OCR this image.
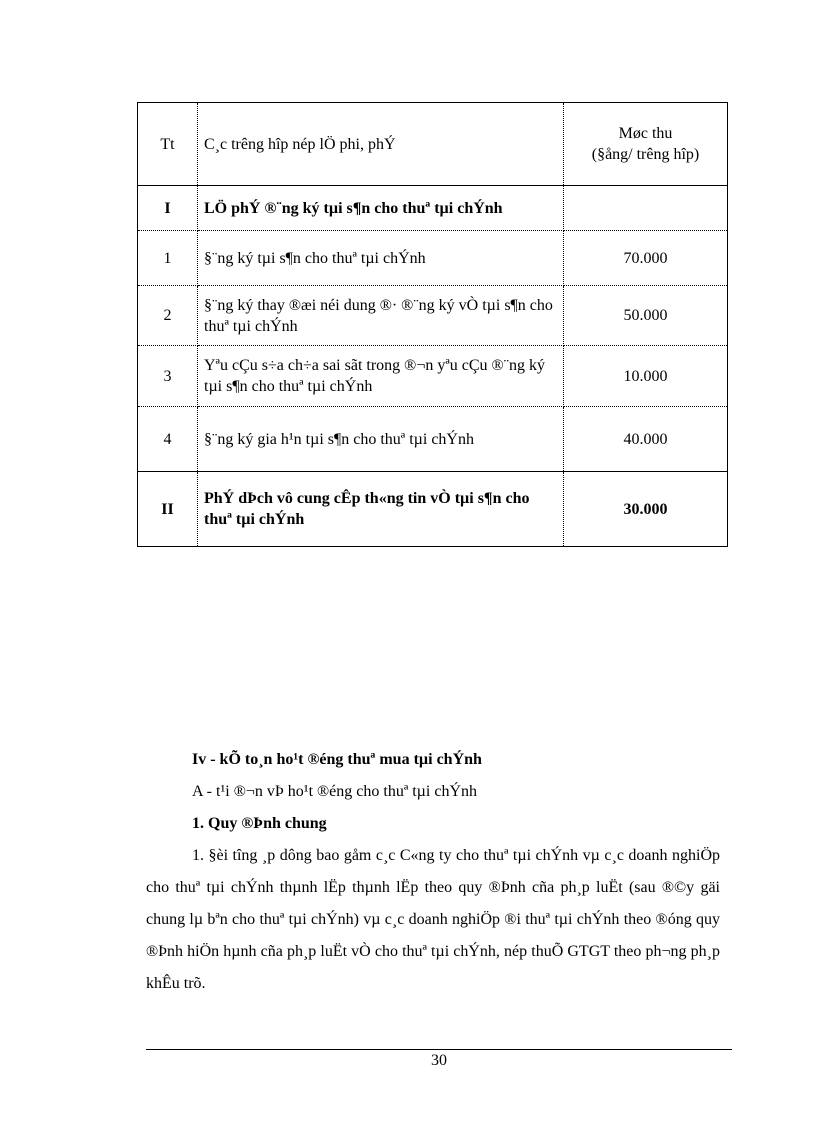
Tt	C¸c trêng hîp nép lÖ phi, phÝ	Møc thu
(§ång/ trêng hîp)

I	LÖ phÝ ®¨ng ký tµi s¶n cho thuª tµi chÝnh	
1	§¨ng ký tµi s¶n cho thuª tµi chÝnh	70.000
2	§¨ng ký thay ®æi néi dung ®· ®¨ng ký vÒ tµi s¶n cho thuª tµi chÝnh	50.000
3	Yªu cÇu s÷a ch÷a sai sãt trong ®¬n yªu cÇu ®¨ng ký tµi s¶n cho thuª tµi chÝnh	10.000
4	§¨ng ký gia h¹n tµi s¶n cho thuª tµi chÝnh	40.000
II	PhÝ dÞch vô cung cÊp th«ng tin vÒ tµi s¶n cho thuª tµi chÝnh	30.000

Iv - kÕ to¸n ho¹t ®éng thuª mua tµi chÝnh

A - t¹i ®¬n vÞ ho¹t ®éng cho thuª tµi chÝnh

1. Quy ®Þnh chung

1. §èi tîng ¸p dông bao gåm c¸c C«ng ty cho thuª tµi chÝnh vµ c¸c doanh nghiÖp cho thuª tµi chÝnh thµnh lËp thµnh lËp theo quy ®Þnh cña ph¸p luËt (sau ®©y gäi chung lµ bªn cho thuª tµi chÝnh) vµ c¸c doanh nghiÖp ®i thuª tµi chÝnh theo ®óng quy ®Þnh hiÖn hµnh cña ph¸p luËt vÒ cho thuª tµi chÝnh, nép thuÕ GTGT theo ph¬ng ph¸p khÊu trõ.

30
